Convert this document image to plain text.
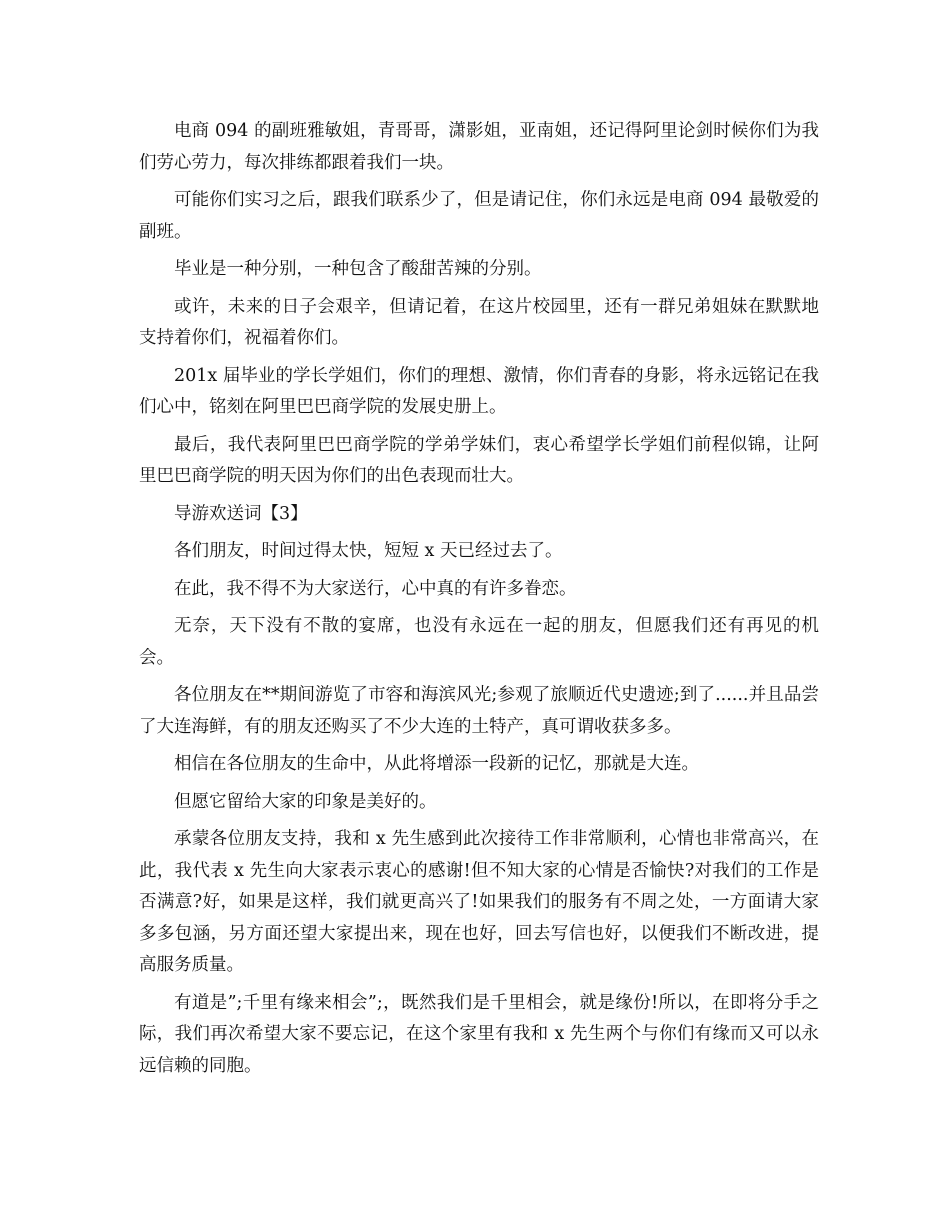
电商 094 的副班雅敏姐，青哥哥，潇影姐，亚南姐，还记得阿里论剑时候你们为我们劳心劳力，每次排练都跟着我们一块。

可能你们实习之后，跟我们联系少了，但是请记住，你们永远是电商 094 最敬爱的副班。

毕业是一种分别，一种包含了酸甜苦辣的分别。

或许，未来的日子会艰辛，但请记着，在这片校园里，还有一群兄弟姐妹在默默地支持着你们，祝福着你们。

201x 届毕业的学长学姐们，你们的理想、激情，你们青春的身影，将永远铭记在我们心中，铭刻在阿里巴巴商学院的发展史册上。

最后，我代表阿里巴巴商学院的学弟学妹们，衷心希望学长学姐们前程似锦，让阿里巴巴商学院的明天因为你们的出色表现而壮大。

导游欢送词【3】

各们朋友，时间过得太快，短短 x 天已经过去了。

在此，我不得不为大家送行，心中真的有许多眷恋。

无奈，天下没有不散的宴席，也没有永远在一起的朋友，但愿我们还有再见的机会。

各位朋友在**期间游览了市容和海滨风光;参观了旅顺近代史遗迹;到了......并且品尝了大连海鲜，有的朋友还购买了不少大连的土特产，真可谓收获多多。

相信在各位朋友的生命中，从此将增添一段新的记忆，那就是大连。

但愿它留给大家的印象是美好的。

承蒙各位朋友支持，我和 x 先生感到此次接待工作非常顺利，心情也非常高兴，在此，我代表 x 先生向大家表示衷心的感谢!但不知大家的心情是否愉快?对我们的工作是否满意?好，如果是这样，我们就更高兴了!如果我们的服务有不周之处，一方面请大家多多包涵，另方面还望大家提出来，现在也好，回去写信也好，以便我们不断改进，提高服务质量。

有道是”;千里有缘来相会”;，既然我们是千里相会，就是缘份!所以，在即将分手之际，我们再次希望大家不要忘记，在这个家里有我和 x 先生两个与你们有缘而又可以永远信赖的同胞。
